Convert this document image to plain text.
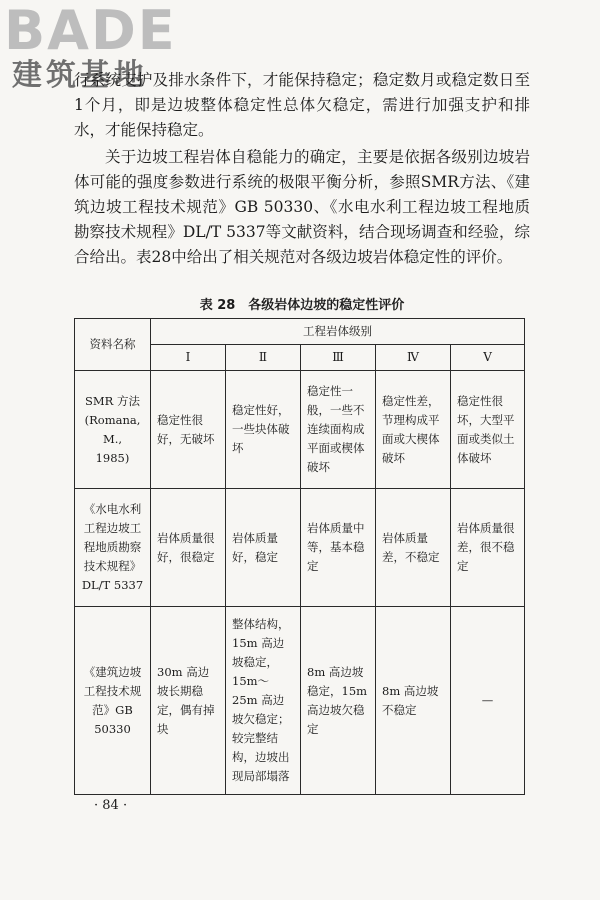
BADE
建筑基地
行系统支护及排水条件下，才能保持稳定；稳定数月或稳定数日至1个月，即是边坡整体稳定性总体欠稳定，需进行加强支护和排水，才能保持稳定。
关于边坡工程岩体自稳能力的确定，主要是依据各级别边坡岩体可能的强度参数进行系统的极限平衡分析，参照SMR方法、《建筑边坡工程技术规范》GB 50330、《水电水利工程边坡工程地质勘察技术规程》DL/T 5337等文献资料，结合现场调查和经验，综合给出。表28中给出了相关规范对各级边坡岩体稳定性的评价。
表 28　各级岩体边坡的稳定性评价
资料名称	工程岩体级别				
	Ⅰ	Ⅱ	Ⅲ	Ⅳ	Ⅴ
SMR 方法
(Romana, M.,
1985)	稳定性很好，无破坏	稳定性好，一些块体破坏	稳定性一般，一些不连续面构成平面或楔体破坏	稳定性差，节理构成平面或大楔体破坏	稳定性很坏，大型平面或类似土体破坏
《水电水利工程边坡工程地质勘察技术规程》DL/T 5337	岩体质量很好，很稳定	岩体质量好，稳定	岩体质量中等，基本稳定	岩体质量差，不稳定	岩体质量很差，很不稳定
《建筑边坡工程技术规范》GB 50330	30m 高边坡长期稳定，偶有掉块	整体结构，15m 高边坡稳定，15m～25m 高边坡欠稳定；较完整结构，边坡出现局部塌落	8m 高边坡稳定，15m 高边坡欠稳定	8m 高边坡不稳定	—
· 84 ·
